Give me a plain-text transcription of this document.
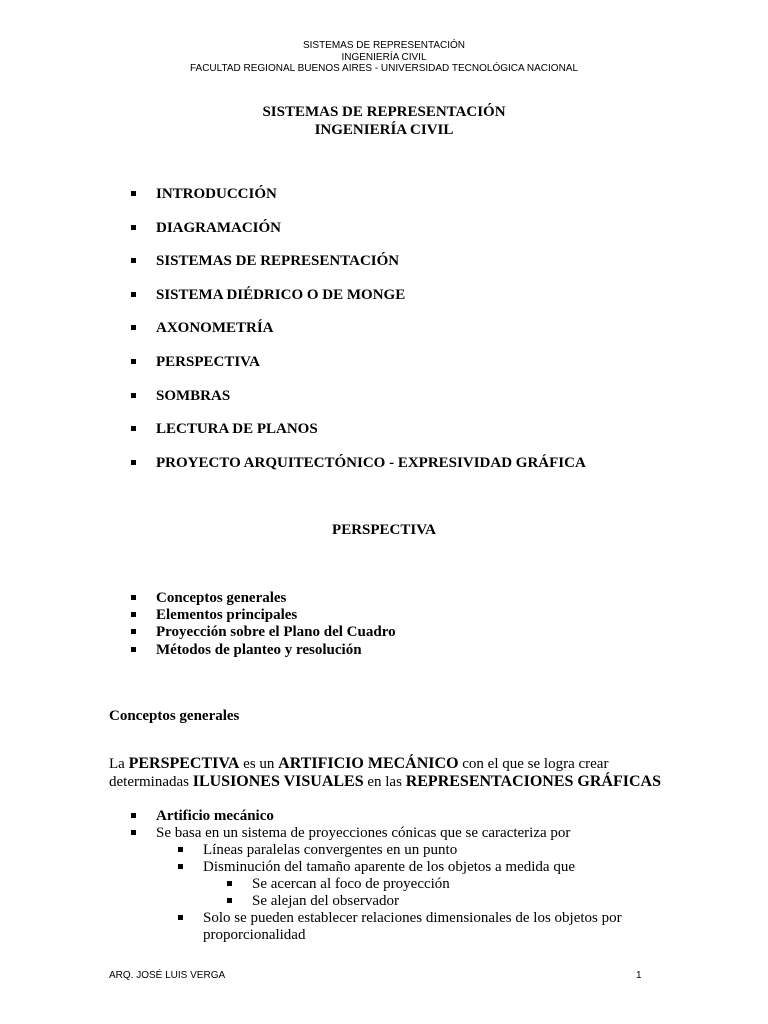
SISTEMAS DE REPRESENTACIÓN
INGENIERÍA CIVIL
FACULTAD REGIONAL BUENOS AIRES - UNIVERSIDAD TECNOLÓGICA NACIONAL
SISTEMAS DE REPRESENTACIÓN
INGENIERÍA CIVIL
INTRODUCCIÓN
DIAGRAMACIÓN
SISTEMAS DE REPRESENTACIÓN
SISTEMA DIÉDRICO O DE MONGE
AXONOMETRÍA
PERSPECTIVA
SOMBRAS
LECTURA DE PLANOS
PROYECTO ARQUITECTÓNICO - EXPRESIVIDAD GRÁFICA
PERSPECTIVA
Conceptos generales
Elementos principales
Proyección sobre el Plano del Cuadro
Métodos de planteo y resolución
Conceptos generales
La PERSPECTIVA es un ARTIFICIO MECÁNICO con el que se logra crear determinadas ILUSIONES VISUALES en las REPRESENTACIONES GRÁFICAS
Artificio mecánico
Se basa en un sistema de proyecciones cónicas que se caracteriza por
Líneas paralelas convergentes en un punto
Disminución del tamaño aparente de los objetos a medida que
Se acercan al foco de proyección
Se alejan del observador
Solo se pueden establecer relaciones dimensionales de los objetos por proporcionalidad
ARQ. JOSÉ LUIS VERGA	1
